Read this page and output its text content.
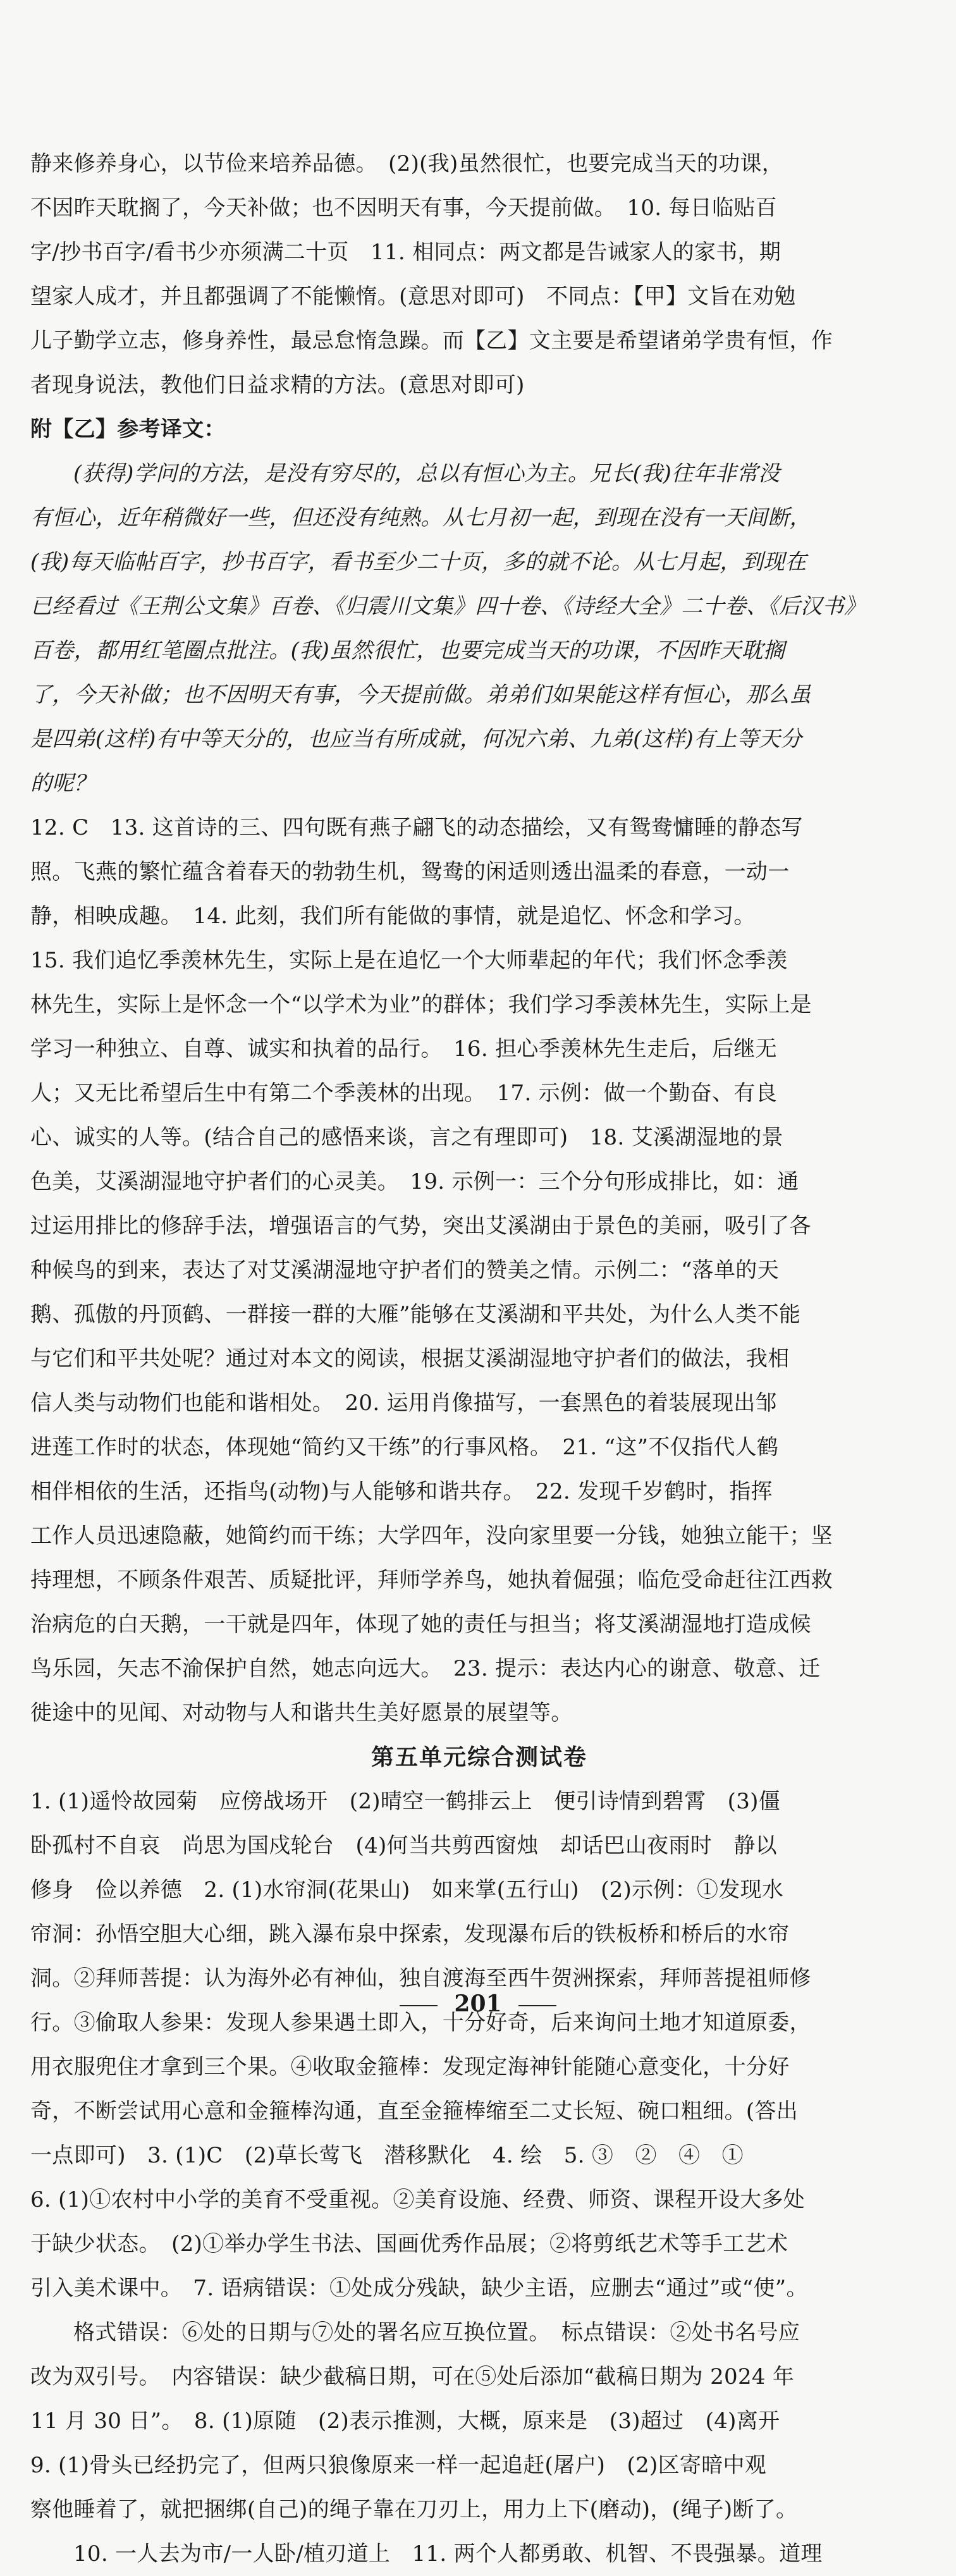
静来修养身心，以节俭来培养品德。　(2)(我)虽然很忙，也要完成当天的功课，
不因昨天耽搁了，今天补做；也不因明天有事，今天提前做。　10. 每日临贴百
字/抄书百字/看书少亦须满二十页　11. 相同点：两文都是告诫家人的家书，期
望家人成才，并且都强调了不能懒惰。(意思对即可)　不同点：【甲】文旨在劝勉
儿子勤学立志，修身养性，最忌怠惰急躁。而【乙】文主要是希望诸弟学贵有恒，作
者现身说法，教他们日益求精的方法。(意思对即可)
附【乙】参考译文：
(获得)学问的方法，是没有穷尽的，总以有恒心为主。兄长(我)往年非常没
有恒心，近年稍微好一些，但还没有纯熟。从七月初一起，到现在没有一天间断，
(我)每天临帖百字，抄书百字，看书至少二十页，多的就不论。从七月起，到现在
已经看过《王荆公文集》百卷、《归震川文集》四十卷、《诗经大全》二十卷、《后汉书》
百卷，都用红笔圈点批注。(我)虽然很忙，也要完成当天的功课，不因昨天耽搁
了，今天补做；也不因明天有事，今天提前做。弟弟们如果能这样有恒心，那么虽
是四弟(这样)有中等天分的，也应当有所成就，何况六弟、九弟(这样)有上等天分
的呢？
12. C　13. 这首诗的三、四句既有燕子翩飞的动态描绘，又有鸳鸯慵睡的静态写
照。飞燕的繁忙蕴含着春天的勃勃生机，鸳鸯的闲适则透出温柔的春意，一动一
静，相映成趣。　14. 此刻，我们所有能做的事情，就是追忆、怀念和学习。
15. 我们追忆季羡林先生，实际上是在追忆一个大师辈起的年代；我们怀念季羡
林先生，实际上是怀念一个“以学术为业”的群体；我们学习季羡林先生，实际上是
学习一种独立、自尊、诚实和执着的品行。　16. 担心季羡林先生走后，后继无
人；又无比希望后生中有第二个季羡林的出现。　17. 示例：做一个勤奋、有良
心、诚实的人等。(结合自己的感悟来谈，言之有理即可)　18. 艾溪湖湿地的景
色美，艾溪湖湿地守护者们的心灵美。　19. 示例一：三个分句形成排比，如：通
过运用排比的修辞手法，增强语言的气势，突出艾溪湖由于景色的美丽，吸引了各
种候鸟的到来，表达了对艾溪湖湿地守护者们的赞美之情。示例二：“落单的天
鹅、孤傲的丹顶鹤、一群接一群的大雁”能够在艾溪湖和平共处，为什么人类不能
与它们和平共处呢？通过对本文的阅读，根据艾溪湖湿地守护者们的做法，我相
信人类与动物们也能和谐相处。　20. 运用肖像描写，一套黑色的着装展现出邹
进莲工作时的状态，体现她“简约又干练”的行事风格。　21. “这”不仅指代人鹤
相伴相依的生活，还指鸟(动物)与人能够和谐共存。　22. 发现千岁鹤时，指挥
工作人员迅速隐蔽，她简约而干练；大学四年，没向家里要一分钱，她独立能干；坚
持理想，不顾条件艰苦、质疑批评，拜师学养鸟，她执着倔强；临危受命赶往江西救
治病危的白天鹅，一干就是四年，体现了她的责任与担当；将艾溪湖湿地打造成候
鸟乐园，矢志不渝保护自然，她志向远大。　23. 提示：表达内心的谢意、敬意、迁
徙途中的见闻、对动物与人和谐共生美好愿景的展望等。
第五单元综合测试卷
1. (1)遥怜故园菊　应傍战场开　(2)晴空一鹤排云上　便引诗情到碧霄　(3)僵
卧孤村不自哀　尚思为国戍轮台　(4)何当共剪西窗烛　却话巴山夜雨时　静以
修身　俭以养德　2. (1)水帘洞(花果山)　如来掌(五行山)　(2)示例：①发现水
帘洞：孙悟空胆大心细，跳入瀑布泉中探索，发现瀑布后的铁板桥和桥后的水帘
洞。②拜师菩提：认为海外必有神仙，独自渡海至西牛贺洲探索，拜师菩提祖师修
行。③偷取人参果：发现人参果遇土即入，十分好奇，后来询问土地才知道原委，
用衣服兜住才拿到三个果。④收取金箍棒：发现定海神针能随心意变化，十分好
奇，不断尝试用心意和金箍棒沟通，直至金箍棒缩至二丈长短、碗口粗细。(答出
一点即可)　3. (1)C　(2)草长莺飞　潜移默化　4. 绘　5. ③　②　④　①
6. (1)①农村中小学的美育不受重视。②美育设施、经费、师资、课程开设大多处
于缺少状态。　(2)①举办学生书法、国画优秀作品展；②将剪纸艺术等手工艺术
引入美术课中。　7. 语病错误：①处成分残缺，缺少主语，应删去“通过”或“使”。
格式错误：⑥处的日期与⑦处的署名应互换位置。　标点错误：②处书名号应
改为双引号。　内容错误：缺少截稿日期，可在⑤处后添加“截稿日期为 2024 年
11 月 30 日”。　8. (1)原随　(2)表示推测，大概，原来是　(3)超过　(4)离开
9. (1)骨头已经扔完了，但两只狼像原来一样一起追赶(屠户)　(2)区寄暗中观
察他睡着了，就把捆绑(自己)的绳子靠在刀刃上，用力上下(磨动)，(绳子)断了。
10. 一人去为市/一人卧/植刃道上　11. 两个人都勇敢、机智、不畏强暴。道理
201
